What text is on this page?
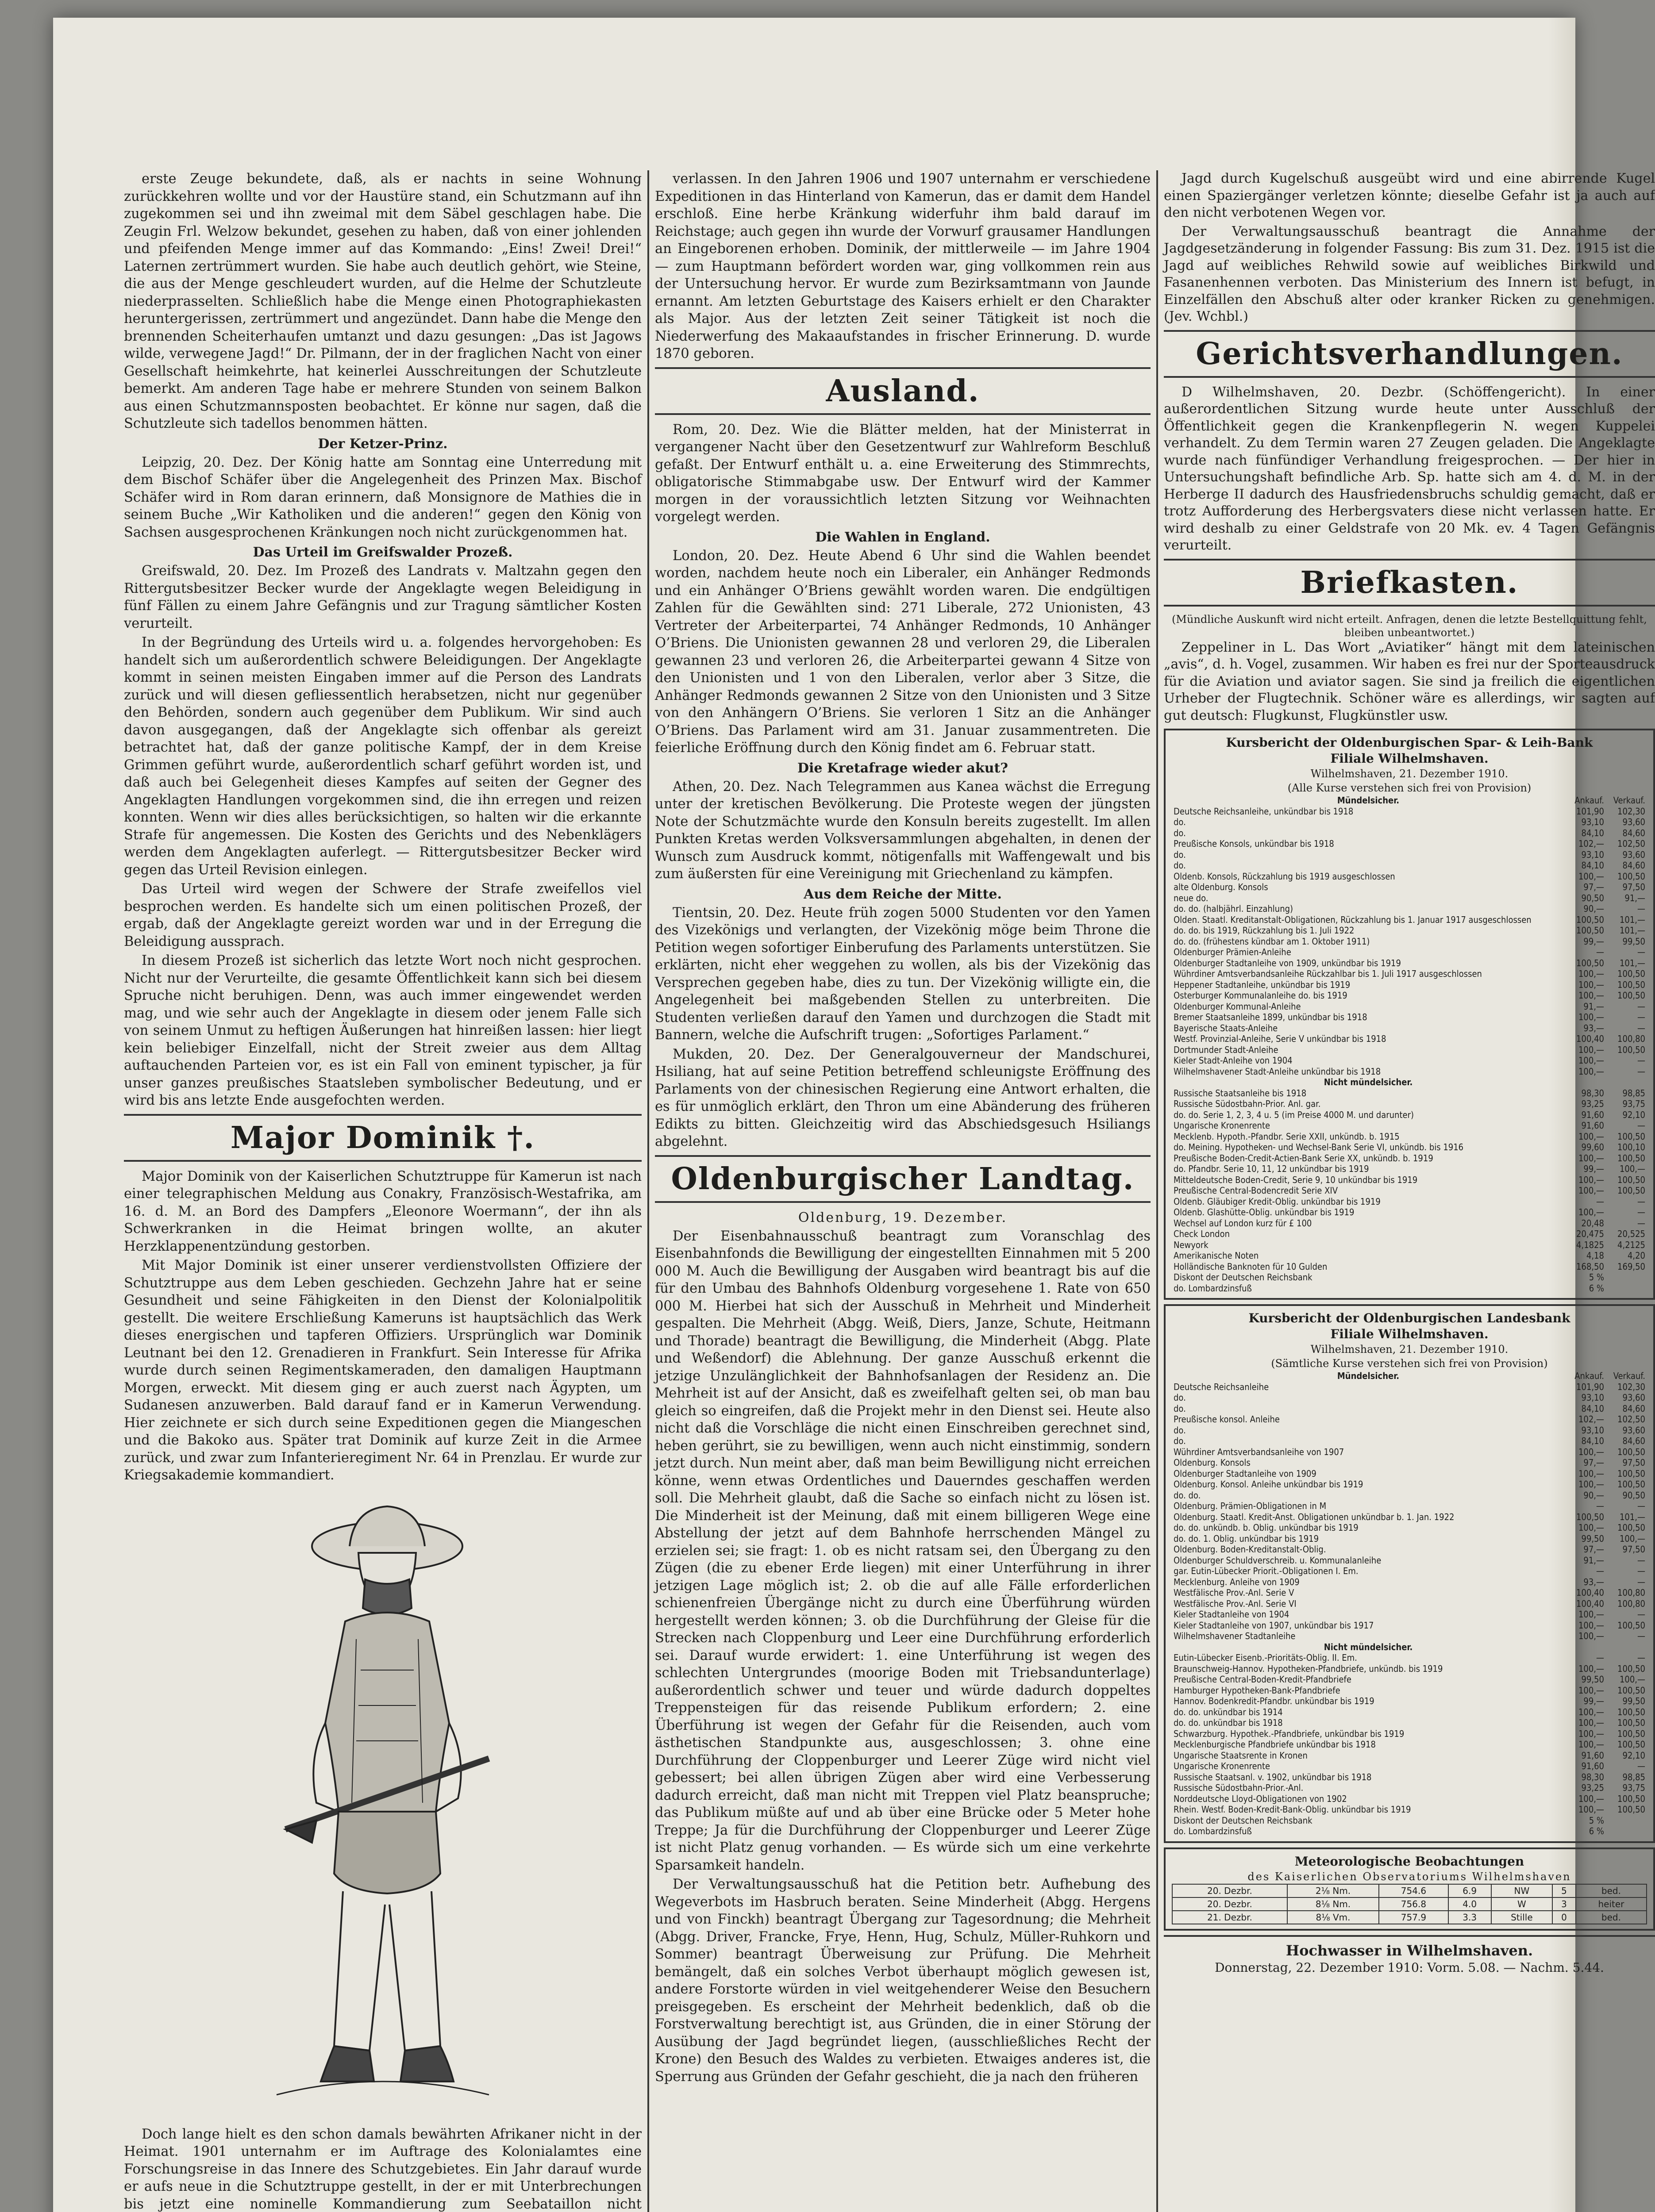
erste Zeuge bekundete, daß, als er nachts in seine Wohnung zurückkehren wollte und vor der Haustüre stand, ein Schutzmann auf ihn zugekommen sei und ihn zweimal mit dem Säbel geschlagen habe. Die Zeugin Frl. Welzow bekundet, gesehen zu haben, daß von einer johlenden und pfeifenden Menge immer auf das Kommando: „Eins! Zwei! Drei!“ Laternen zertrümmert wurden. Sie habe auch deutlich gehört, wie Steine, die aus der Menge geschleudert wurden, auf die Helme der Schutzleute niederprasselten. Schließlich habe die Menge einen Photographiekasten heruntergerissen, zertrümmert und angezündet. Dann habe die Menge den brennenden Scheiterhaufen umtanzt und dazu gesungen: „Das ist Jagows wilde, verwegene Jagd!“ Dr. Pilmann, der in der fraglichen Nacht von einer Gesellschaft heimkehrte, hat keinerlei Ausschreitungen der Schutzleute bemerkt. Am anderen Tage habe er mehrere Stunden von seinem Balkon aus einen Schutzmannsposten beobachtet. Er könne nur sagen, daß die Schutzleute sich tadellos benommen hätten.

Der Ketzer-Prinz.

Leipzig, 20. Dez. Der König hatte am Sonntag eine Unterredung mit dem Bischof Schäfer über die Angelegenheit des Prinzen Max. Bischof Schäfer wird in Rom daran erinnern, daß Monsignore de Mathies die in seinem Buche „Wir Katholiken und die anderen!“ gegen den König von Sachsen ausgesprochenen Kränkungen noch nicht zurückgenommen hat.

Das Urteil im Greifswalder Prozeß.

Greifswald, 20. Dez. Im Prozeß des Landrats v. Maltzahn gegen den Rittergutsbesitzer Becker wurde der Angeklagte wegen Beleidigung in fünf Fällen zu einem Jahre Gefängnis und zur Tragung sämtlicher Kosten verurteilt.

In der Begründung des Urteils wird u. a. folgendes hervorgehoben: Es handelt sich um außerordentlich schwere Beleidigungen. Der Angeklagte kommt in seinen meisten Eingaben immer auf die Person des Landrats zurück und will diesen gefliessentlich herabsetzen, nicht nur gegenüber den Behörden, sondern auch gegenüber dem Publikum. Wir sind auch davon ausgegangen, daß der Angeklagte sich offenbar als gereizt betrachtet hat, daß der ganze politische Kampf, der in dem Kreise Grimmen geführt wurde, außerordentlich scharf geführt worden ist, und daß auch bei Gelegenheit dieses Kampfes auf seiten der Gegner des Angeklagten Handlungen vorgekommen sind, die ihn erregen und reizen konnten. Wenn wir dies alles berücksichtigen, so halten wir die erkannte Strafe für angemessen. Die Kosten des Gerichts und des Nebenklägers werden dem Angeklagten auferlegt. — Rittergutsbesitzer Becker wird gegen das Urteil Revision einlegen.

Das Urteil wird wegen der Schwere der Strafe zweifellos viel besprochen werden. Es handelte sich um einen politischen Prozeß, der ergab, daß der Angeklagte gereizt worden war und in der Erregung die Beleidigung aussprach.

In diesem Prozeß ist sicherlich das letzte Wort noch nicht gesprochen. Nicht nur der Verurteilte, die gesamte Öffentlichkeit kann sich bei diesem Spruche nicht beruhigen. Denn, was auch immer eingewendet werden mag, und wie sehr auch der Angeklagte in diesem oder jenem Falle sich von seinem Unmut zu heftigen Äußerungen hat hinreißen lassen: hier liegt kein beliebiger Einzelfall, nicht der Streit zweier aus dem Alltag auftauchenden Parteien vor, es ist ein Fall von eminent typischer, ja für unser ganzes preußisches Staatsleben symbolischer Bedeutung, und er wird bis ans letzte Ende ausgefochten werden.

Major Dominik †.

Major Dominik von der Kaiserlichen Schutztruppe für Kamerun ist nach einer telegraphischen Meldung aus Conakry, Französisch-Westafrika, am 16. d. M. an Bord des Dampfers „Eleonore Woermann“, der ihn als Schwerkranken in die Heimat bringen wollte, an akuter Herzklappenentzündung gestorben.

Mit Major Dominik ist einer unserer verdienstvollsten Offiziere der Schutztruppe aus dem Leben geschieden. Gechzehn Jahre hat er seine Gesundheit und seine Fähigkeiten in den Dienst der Kolonialpolitik gestellt. Die weitere Erschließung Kameruns ist hauptsächlich das Werk dieses energischen und tapferen Offiziers. Ursprünglich war Dominik Leutnant bei den 12. Grenadieren in Frankfurt. Sein Interesse für Afrika wurde durch seinen Regimentskameraden, den damaligen Hauptmann Morgen, erweckt. Mit diesem ging er auch zuerst nach Ägypten, um Sudanesen anzuwerben. Bald darauf fand er in Kamerun Verwendung. Hier zeichnete er sich durch seine Expeditionen gegen die Miangeschen und die Bakoko aus. Später trat Dominik auf kurze Zeit in die Armee zurück, und zwar zum Infanterieregiment Nr. 64 in Prenzlau. Er wurde zur Kriegsakademie kommandiert.

Doch lange hielt es den schon damals bewährten Afrikaner nicht in der Heimat. 1901 unternahm er im Auftrage des Kolonialamtes eine Forschungsreise in das Innere des Schutzgebietes. Ein Jahr darauf wurde er aufs neue in die Schutztruppe gestellt, in der er mit Unterbrechungen bis jetzt eine nominelle Kommandierung zum Seebataillon nicht

verlassen. In den Jahren 1906 und 1907 unternahm er verschiedene Expeditionen in das Hinterland von Kamerun, das er damit dem Handel erschloß. Eine herbe Kränkung widerfuhr ihm bald darauf im Reichstage; auch gegen ihn wurde der Vorwurf grausamer Handlungen an Eingeborenen erhoben. Dominik, der mittlerweile — im Jahre 1904 — zum Hauptmann befördert worden war, ging vollkommen rein aus der Untersuchung hervor. Er wurde zum Bezirksamtmann von Jaunde ernannt. Am letzten Geburtstage des Kaisers erhielt er den Charakter als Major. Aus der letzten Zeit seiner Tätigkeit ist noch die Niederwerfung des Makaaufstandes in frischer Erinnerung. D. wurde 1870 geboren.

Ausland.

Rom, 20. Dez. Wie die Blätter melden, hat der Ministerrat in vergangener Nacht über den Gesetzentwurf zur Wahlreform Beschluß gefaßt. Der Entwurf enthält u. a. eine Erweiterung des Stimmrechts, obligatorische Stimmabgabe usw. Der Entwurf wird der Kammer morgen in der voraussichtlich letzten Sitzung vor Weihnachten vorgelegt werden.

Die Wahlen in England.

London, 20. Dez. Heute Abend 6 Uhr sind die Wahlen beendet worden, nachdem heute noch ein Liberaler, ein Anhänger Redmonds und ein Anhänger O’Briens gewählt worden waren. Die endgültigen Zahlen für die Gewählten sind: 271 Liberale, 272 Unionisten, 43 Vertreter der Arbeiterpartei, 74 Anhänger Redmonds, 10 Anhänger O’Briens. Die Unionisten gewannen 28 und verloren 29, die Liberalen gewannen 23 und verloren 26, die Arbeiterpartei gewann 4 Sitze von den Unionisten und 1 von den Liberalen, verlor aber 3 Sitze, die Anhänger Redmonds gewannen 2 Sitze von den Unionisten und 3 Sitze von den Anhängern O’Briens. Sie verloren 1 Sitz an die Anhänger O’Briens. Das Parlament wird am 31. Januar zusammentreten. Die feierliche Eröffnung durch den König findet am 6. Februar statt.

Die Kretafrage wieder akut?

Athen, 20. Dez. Nach Telegrammen aus Kanea wächst die Erregung unter der kretischen Bevölkerung. Die Proteste wegen der jüngsten Note der Schutzmächte wurde den Konsuln bereits zugestellt. Im allen Punkten Kretas werden Volksversammlungen abgehalten, in denen der Wunsch zum Ausdruck kommt, nötigenfalls mit Waffengewalt und bis zum äußersten für eine Vereinigung mit Griechenland zu kämpfen.

Aus dem Reiche der Mitte.

Tientsin, 20. Dez. Heute früh zogen 5000 Studenten vor den Yamen des Vizekönigs und verlangten, der Vizekönig möge beim Throne die Petition wegen sofortiger Einberufung des Parlaments unterstützen. Sie erklärten, nicht eher weggehen zu wollen, als bis der Vizekönig das Versprechen gegeben habe, dies zu tun. Der Vizekönig willigte ein, die Angelegenheit bei maßgebenden Stellen zu unterbreiten. Die Studenten verließen darauf den Yamen und durchzogen die Stadt mit Bannern, welche die Aufschrift trugen: „Sofortiges Parlament.“

Mukden, 20. Dez. Der Generalgouverneur der Mandschurei, Hsiliang, hat auf seine Petition betreffend schleunigste Eröffnung des Parlaments von der chinesischen Regierung eine Antwort erhalten, die es für unmöglich erklärt, den Thron um eine Abänderung des früheren Edikts zu bitten. Gleichzeitig wird das Abschiedsgesuch Hsiliangs abgelehnt.

Oldenburgischer Landtag.
Oldenburg, 19. Dezember.

Der Eisenbahnausschuß beantragt zum Voranschlag des Eisenbahnfonds die Bewilligung der eingestellten Einnahmen mit 5 200 000 M. Auch die Bewilligung der Ausgaben wird beantragt bis auf die für den Umbau des Bahnhofs Oldenburg vorgesehene 1. Rate von 650 000 M. Hierbei hat sich der Ausschuß in Mehrheit und Minderheit gespalten. Die Mehrheit (Abgg. Weiß, Diers, Janze, Schute, Heitmann und Thorade) beantragt die Bewilligung, die Minderheit (Abgg. Plate und Weßendorf) die Ablehnung. Der ganze Ausschuß erkennt die jetzige Unzulänglichkeit der Bahnhofsanlagen der Residenz an. Die Mehrheit ist auf der Ansicht, daß es zweifelhaft gelten sei, ob man bau gleich so eingreifen, daß die Projekt mehr in den Dienst sei. Heute also nicht daß die Vorschläge die nicht einen Einschreiben gerechnet sind, heben gerührt, sie zu bewilligen, wenn auch nicht einstimmig, sondern jetzt durch. Nun meint aber, daß man beim Bewilligung nicht erreichen könne, wenn etwas Ordentliches und Dauerndes geschaffen werden soll. Die Mehrheit glaubt, daß die Sache so einfach nicht zu lösen ist. Die Minderheit ist der Meinung, daß mit einem billigeren Wege eine Abstellung der jetzt auf dem Bahnhofe herrschenden Mängel zu erzielen sei; sie fragt: 1. ob es nicht ratsam sei, den Übergang zu den Zügen (die zu ebener Erde liegen) mit einer Unterführung in ihrer jetzigen Lage möglich ist; 2. ob die auf alle Fälle erforderlichen schienenfreien Übergänge nicht zu durch eine Überführung würden hergestellt werden können; 3. ob die Durchführung der Gleise für die Strecken nach Cloppenburg und Leer eine Durchführung erforderlich sei. Darauf wurde erwidert: 1. eine Unterführung ist wegen des schlechten Untergrundes (moorige Boden mit Triebsandunterlage) außerordentlich schwer und teuer und würde dadurch doppeltes Treppensteigen für das reisende Publikum erfordern; 2. eine Überführung ist wegen der Gefahr für die Reisenden, auch vom ästhetischen Standpunkte aus, ausgeschlossen; 3. ohne eine Durchführung der Cloppenburger und Leerer Züge wird nicht viel gebessert; bei allen übrigen Zügen aber wird eine Verbesserung dadurch erreicht, daß man nicht mit Treppen viel Platz beanspruche; das Publikum müßte auf und ab über eine Brücke oder 5 Meter hohe Treppe; Ja für die Durchführung der Cloppenburger und Leerer Züge ist nicht Platz genug vorhanden. — Es würde sich um eine verkehrte Sparsamkeit handeln.

Der Verwaltungsausschuß hat die Petition betr. Aufhebung des Wegeverbots im Hasbruch beraten. Seine Minderheit (Abgg. Hergens und von Finckh) beantragt Übergang zur Tagesordnung; die Mehrheit (Abgg. Driver, Francke, Frye, Henn, Hug, Schulz, Müller-Ruhkorn und Sommer) beantragt Überweisung zur Prüfung. Die Mehrheit bemängelt, daß ein solches Verbot überhaupt möglich gewesen ist, andere Forstorte würden in viel weitgehenderer Weise den Besuchern preisgegeben. Es erscheint der Mehrheit bedenklich, daß ob die Forstverwaltung berechtigt ist, aus Gründen, die in einer Störung der Ausübung der Jagd begründet liegen, (ausschließliches Recht der Krone) den Besuch des Waldes zu verbieten. Etwaiges anderes ist, die Sperrung aus Gründen der Gefahr geschieht, die ja nach den früheren

Jagd durch Kugelschuß ausgeübt wird und eine abirrende Kugel einen Spaziergänger verletzen könnte; dieselbe Gefahr ist ja auch auf den nicht verbotenen Wegen vor.

Der Verwaltungsausschuß beantragt die Annahme der Jagdgesetzänderung in folgender Fassung: Bis zum 31. Dez. 1915 ist die Jagd auf weibliches Rehwild sowie auf weibliches Birkwild und Fasanenhennen verboten. Das Ministerium des Innern ist befugt, in Einzelfällen den Abschuß alter oder kranker Ricken zu genehmigen. (Jev. Wchbl.)

Gerichtsverhandlungen.

D Wilhelmshaven, 20. Dezbr. (Schöffengericht). In einer außerordentlichen Sitzung wurde heute unter Ausschluß der Öffentlichkeit gegen die Krankenpflegerin N. wegen Kuppelei verhandelt. Zu dem Termin waren 27 Zeugen geladen. Die Angeklagte wurde nach fünfündiger Verhandlung freigesprochen. — Der hier in Untersuchungshaft befindliche Arb. Sp. hatte sich am 4. d. M. in der Herberge II dadurch des Hausfriedensbruchs schuldig gemacht, daß er trotz Aufforderung des Herbergsvaters diese nicht verlassen hatte. Er wird deshalb zu einer Geldstrafe von 20 Mk. ev. 4 Tagen Gefängnis verurteilt.

Briefkasten.
(Mündliche Auskunft wird nicht erteilt. Anfragen, denen die letzte Bestellquittung fehlt, bleiben unbeantwortet.)

Zeppeliner in L. Das Wort „Aviatiker“ hängt mit dem lateinischen „avis“, d. h. Vogel, zusammen. Wir haben es frei nur der Sporteausdruck für die Aviation und aviator sagen. Sie sind ja freilich die eigentlichen Urheber der Flugtechnik. Schöner wäre es allerdings, wir sagten auf gut deutsch: Flugkunst, Flugkünstler usw.

Kursbericht der Oldenburgischen Spar- & Leih-Bank
Filiale Wilhelmshaven.
Wilhelmshaven, 21. Dezember 1910.
(Alle Kurse verstehen sich frei von Provision)
Mündelsicher.	Ankauf.	Verkauf.
Deutsche Reichsanleihe, unkündbar bis 1918	101,90	102,30
do.	93,10	93,60
do.	84,10	84,60
Preußische Konsols, unkündbar bis 1918	102,—	102,50
do.	93,10	93,60
do.	84,10	84,60
Oldenb. Konsols, Rückzahlung bis 1919 ausgeschlossen	100,—	100,50
alte Oldenburg. Konsols	97,—	97,50
neue do.	90,50	91,—
do. do. (halbjährl. Einzahlung)	90,—	—
Olden. Staatl. Kreditanstalt-Obligationen, Rückzahlung bis 1. Januar 1917 ausgeschlossen	100,50	101,—
do. do. bis 1919, Rückzahlung bis 1. Juli 1922	100,50	101,—
do. do. (frühestens kündbar am 1. Oktober 1911)	99,—	99,50
Oldenburger Prämien-Anleihe	—	—
Oldenburger Stadtanleihe von 1909, unkündbar bis 1919	100,50	101,—
Wührdiner Amtsverbandsanleihe Rückzahlbar bis 1. Juli 1917 ausgeschlossen	100,—	100,50
Heppener Stadtanleihe, unkündbar bis 1919	100,—	100,50
Osterburger Kommunalanleihe do. bis 1919	100,—	100,50
Oldenburger Kommunal-Anleihe	91,—	—
Bremer Staatsanleihe 1899, unkündbar bis 1918	100,—	—
Bayerische Staats-Anleihe	93,—	—
Westf. Provinzial-Anleihe, Serie V unkündbar bis 1918	100,40	100,80
Dortmunder Stadt-Anleihe	100,—	100,50
Kieler Stadt-Anleihe von 1904	100,—	—
Wilhelmshavener Stadt-Anleihe unkündbar bis 1918	100,—	—
Nicht mündelsicher.		
Russische Staatsanleihe bis 1918	98,30	98,85
Russische Südostbahn-Prior. Anl. gar.	93,25	93,75
do. do. Serie 1, 2, 3, 4 u. 5 (im Preise 4000 M. und darunter)	91,60	92,10
Ungarische Kronenrente	91,60	—
Mecklenb. Hypoth.-Pfandbr. Serie XXII, unkündb. b. 1915	100,—	100,50
do. Meining. Hypotheken- und Wechsel-Bank Serie VI, unkündb. bis 1916	99,60	100,10
Preußische Boden-Credit-Actien-Bank Serie XX, unkündb. b. 1919	100,—	100,50
do. Pfandbr. Serie 10, 11, 12 unkündbar bis 1919	99,—	100,—
Mitteldeutsche Boden-Credit, Serie 9, 10 unkündbar bis 1919	100,—	100,50
Preußische Central-Bodencredit Serie XIV	100,—	100,50
Oldenb. Gläubiger Kredit-Oblig. unkündbar bis 1919	—	—
Oldenb. Glashütte-Oblig. unkündbar bis 1919	100,—	—
Wechsel auf London kurz für £ 100	20,48	—
Check London	20,475	20,525
Newyork	4,1825	4,2125
Amerikanische Noten	4,18	4,20
Holländische Banknoten für 10 Gulden	168,50	169,50
Diskont der Deutschen Reichsbank	5 %	
do. Lombardzinsfuß	6 %	
Kursbericht der Oldenburgischen Landesbank
Filiale Wilhelmshaven.
Wilhelmshaven, 21. Dezember 1910.
(Sämtliche Kurse verstehen sich frei von Provision)
Mündelsicher.	Ankauf.	Verkauf.
Deutsche Reichsanleihe	101,90	102,30
do.	93,10	93,60
do.	84,10	84,60
Preußische konsol. Anleihe	102,—	102,50
do.	93,10	93,60
do.	84,10	84,60
Wührdiner Amtsverbandsanleihe von 1907	100,—	100,50
Oldenburg. Konsols	97,—	97,50
Oldenburger Stadtanleihe von 1909	100,—	100,50
Oldenburg. Konsol. Anleihe unkündbar bis 1919	100,—	100,50
do. do.	90,—	90,50
Oldenburg. Prämien-Obligationen in M	—	—
Oldenburg. Staatl. Kredit-Anst. Obligationen unkündbar b. 1. Jan. 1922	100,50	101,—
do. do. unkündb. b. Oblig. unkündbar bis 1919	100,—	100,50
do. do. 1. Oblig. unkündbar bis 1919	99,50	100,—
Oldenburg. Boden-Kreditanstalt-Oblig.	97,—	97,50
Oldenburger Schuldverschreib. u. Kommunalanleihe	91,—	—
gar. Eutin-Lübecker Priorit.-Obligationen I. Em.	—	—
Mecklenburg. Anleihe von 1909	93,—	—
Westfälische Prov.-Anl. Serie V	100,40	100,80
Westfälische Prov.-Anl. Serie VI	100,40	100,80
Kieler Stadtanleihe von 1904	100,—	—
Kieler Stadtanleihe von 1907, unkündbar bis 1917	100,—	100,50
Wilhelmshavener Stadtanleihe	100,—	—
Nicht mündelsicher.		
Eutin-Lübecker Eisenb.-Prioritäts-Oblig. II. Em.	—	—
Braunschweig-Hannov. Hypotheken-Pfandbriefe, unkündb. bis 1919	100,—	100,50
Preußische Central-Boden-Kredit-Pfandbriefe	99,50	100,—
Hamburger Hypotheken-Bank-Pfandbriefe	100,—	100,50
Hannov. Bodenkredit-Pfandbr. unkündbar bis 1919	99,—	99,50
do. do. unkündbar bis 1914	100,—	100,50
do. do. unkündbar bis 1918	100,—	100,50
Schwarzburg. Hypothek.-Pfandbriefe, unkündbar bis 1919	100,—	100,50
Mecklenburgische Pfandbriefe unkündbar bis 1918	100,—	100,50
Ungarische Staatsrente in Kronen	91,60	92,10
Ungarische Kronenrente	91,60	—
Russische Staatsanl. v. 1902, unkündbar bis 1918	98,30	98,85
Russische Südostbahn-Prior.-Anl.	93,25	93,75
Norddeutsche Lloyd-Obligationen von 1902	100,—	100,50
Rhein. Westf. Boden-Kredit-Bank-Oblig. unkündbar bis 1919	100,—	100,50
Diskont der Deutschen Reichsbank	5 %	
do. Lombardzinsfuß	6 %	
Meteorologische Beobachtungen
des Kaiserlichen Observatoriums Wilhelmshaven
20. Dezbr.	2⅛ Nm.	754.6	6.9	NW	5	bed.
20. Dezbr.	8⅛ Nm.	756.8	4.0	W	3	heiter
21. Dezbr.	8⅛ Vm.	757.9	3.3	Stille	0	bed.
Hochwasser in Wilhelmshaven.
Donnerstag, 22. Dezember 1910: Vorm. 5.08. — Nachm. 5.44.
